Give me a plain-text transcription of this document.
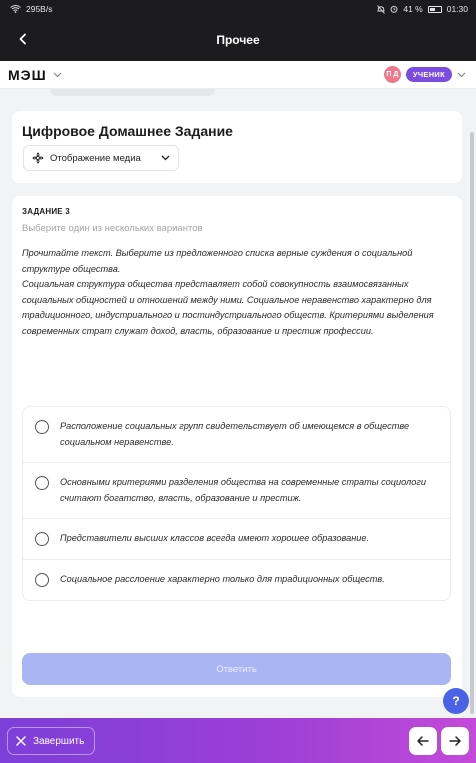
295B/s	41 %	01:30
Прочее
МЭШ	П Д	УЧЕНИК
Цифровое Домашнее Задание
Отображение медиа
ЗАДАНИЕ 3
Выберите один из нескольких вариантов
Прочитайте текст. Выберите из предложенного списка верные суждения о социальной структуре общества.
Социальная структура общества представляет собой совокупность взаимосвязанных социальных общностей и отношений между ними. Социальное неравенство характерно для традиционного, индустриального и постиндустриального обществ. Критериями выделения современных страт служат доход, власть, образование и престиж профессии.
Расположение социальных групп свидетельствует об имеющемся в обществе социальном неравенстве.
Основными критериями разделения общества на современные страты социологи считают богатство, власть, образование и престиж.
Представители высших классов всегда имеют хорошее образование.
Социальное расслоение характерно только для традиционных обществ.
Ответить
?
Завершить
